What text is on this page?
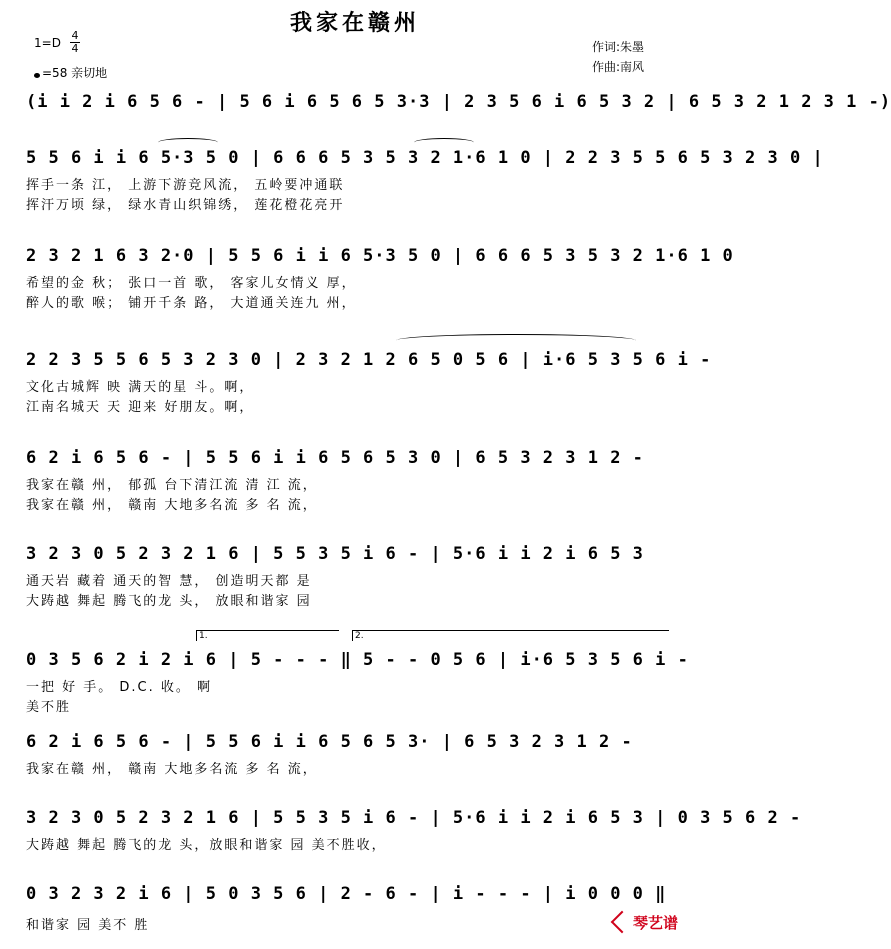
我家在赣州
1=D
4
4
=58 亲切地
作词:朱墨
作曲:南风
(i i 2 i 6 5 6 - | 5 6 i 6 5 6 5 3·3 | 2 3 5 6 i 6 5 3 2 | 6 5 3 2 1 2 3 1 -)
5 5 6 i i 6 5·3 5 0 | 6 6 6 5 3 5 3 2 1·6 1 0 | 2 2 3 5 5 6 5 3 2 3 0 |
挥手一条 江， 上游下游竞风流， 五岭要冲通联
挥汗万顷 绿， 绿水青山织锦绣， 莲花橙花亮开
2 3 2 1 6 3 2·0 | 5 5 6 i i 6 5·3 5 0 | 6 6 6 5 3 5 3 2 1·6 1 0
希望的金 秋； 张口一首 歌， 客家儿女情义 厚，
醉人的歌 喉； 铺开千条 路， 大道通关连九 州，
2 2 3 5 5 6 5 3 2 3 0 | 2 3 2 1 2 6 5 0 5 6 | i·6 5 3 5 6 i -
文化古城辉 映 满天的星 斗。啊，
江南名城天 天 迎来 好朋友。啊，
6 2 i 6 5 6 - | 5 5 6 i i 6 5 6 5 3 0 | 6 5 3 2 3 1 2 -
我家在赣 州， 郁孤 台下清江流 清 江 流，
我家在赣 州， 赣南 大地多名流 多 名 流，
3 2 3 0 5 2 3 2 1 6 | 5 5 3 5 i 6 - | 5·6 i i 2 i 6 5 3
通天岩 藏着 通天的智 慧， 创造明天都 是
大踌越 舞起 腾飞的龙 头， 放眼和谐家 园
1.	2.
0 3 5 6 2 i 2 i 6 | 5 - - - ‖ 5 - - 0 5 6 | i·6 5 3 5 6 i -
一把 好 手。 D.C. 收。 啊
美不胜
6 2 i 6 5 6 - | 5 5 6 i i 6 5 6 5 3· | 6 5 3 2 3 1 2 -
我家在赣 州， 赣南 大地多名流 多 名 流，
3 2 3 0 5 2 3 2 1 6 | 5 5 3 5 i 6 - | 5·6 i i 2 i 6 5 3 | 0 3 5 6 2 -
大踌越 舞起 腾飞的龙 头，放眼和谐家 园 美不胜收，
0 3 2 3 2 i 6 | 5 0 3 5 6 | 2 - 6 - | i - - - | i 0 0 0 ‖
和谐家 园 美不 胜	琴艺谱
